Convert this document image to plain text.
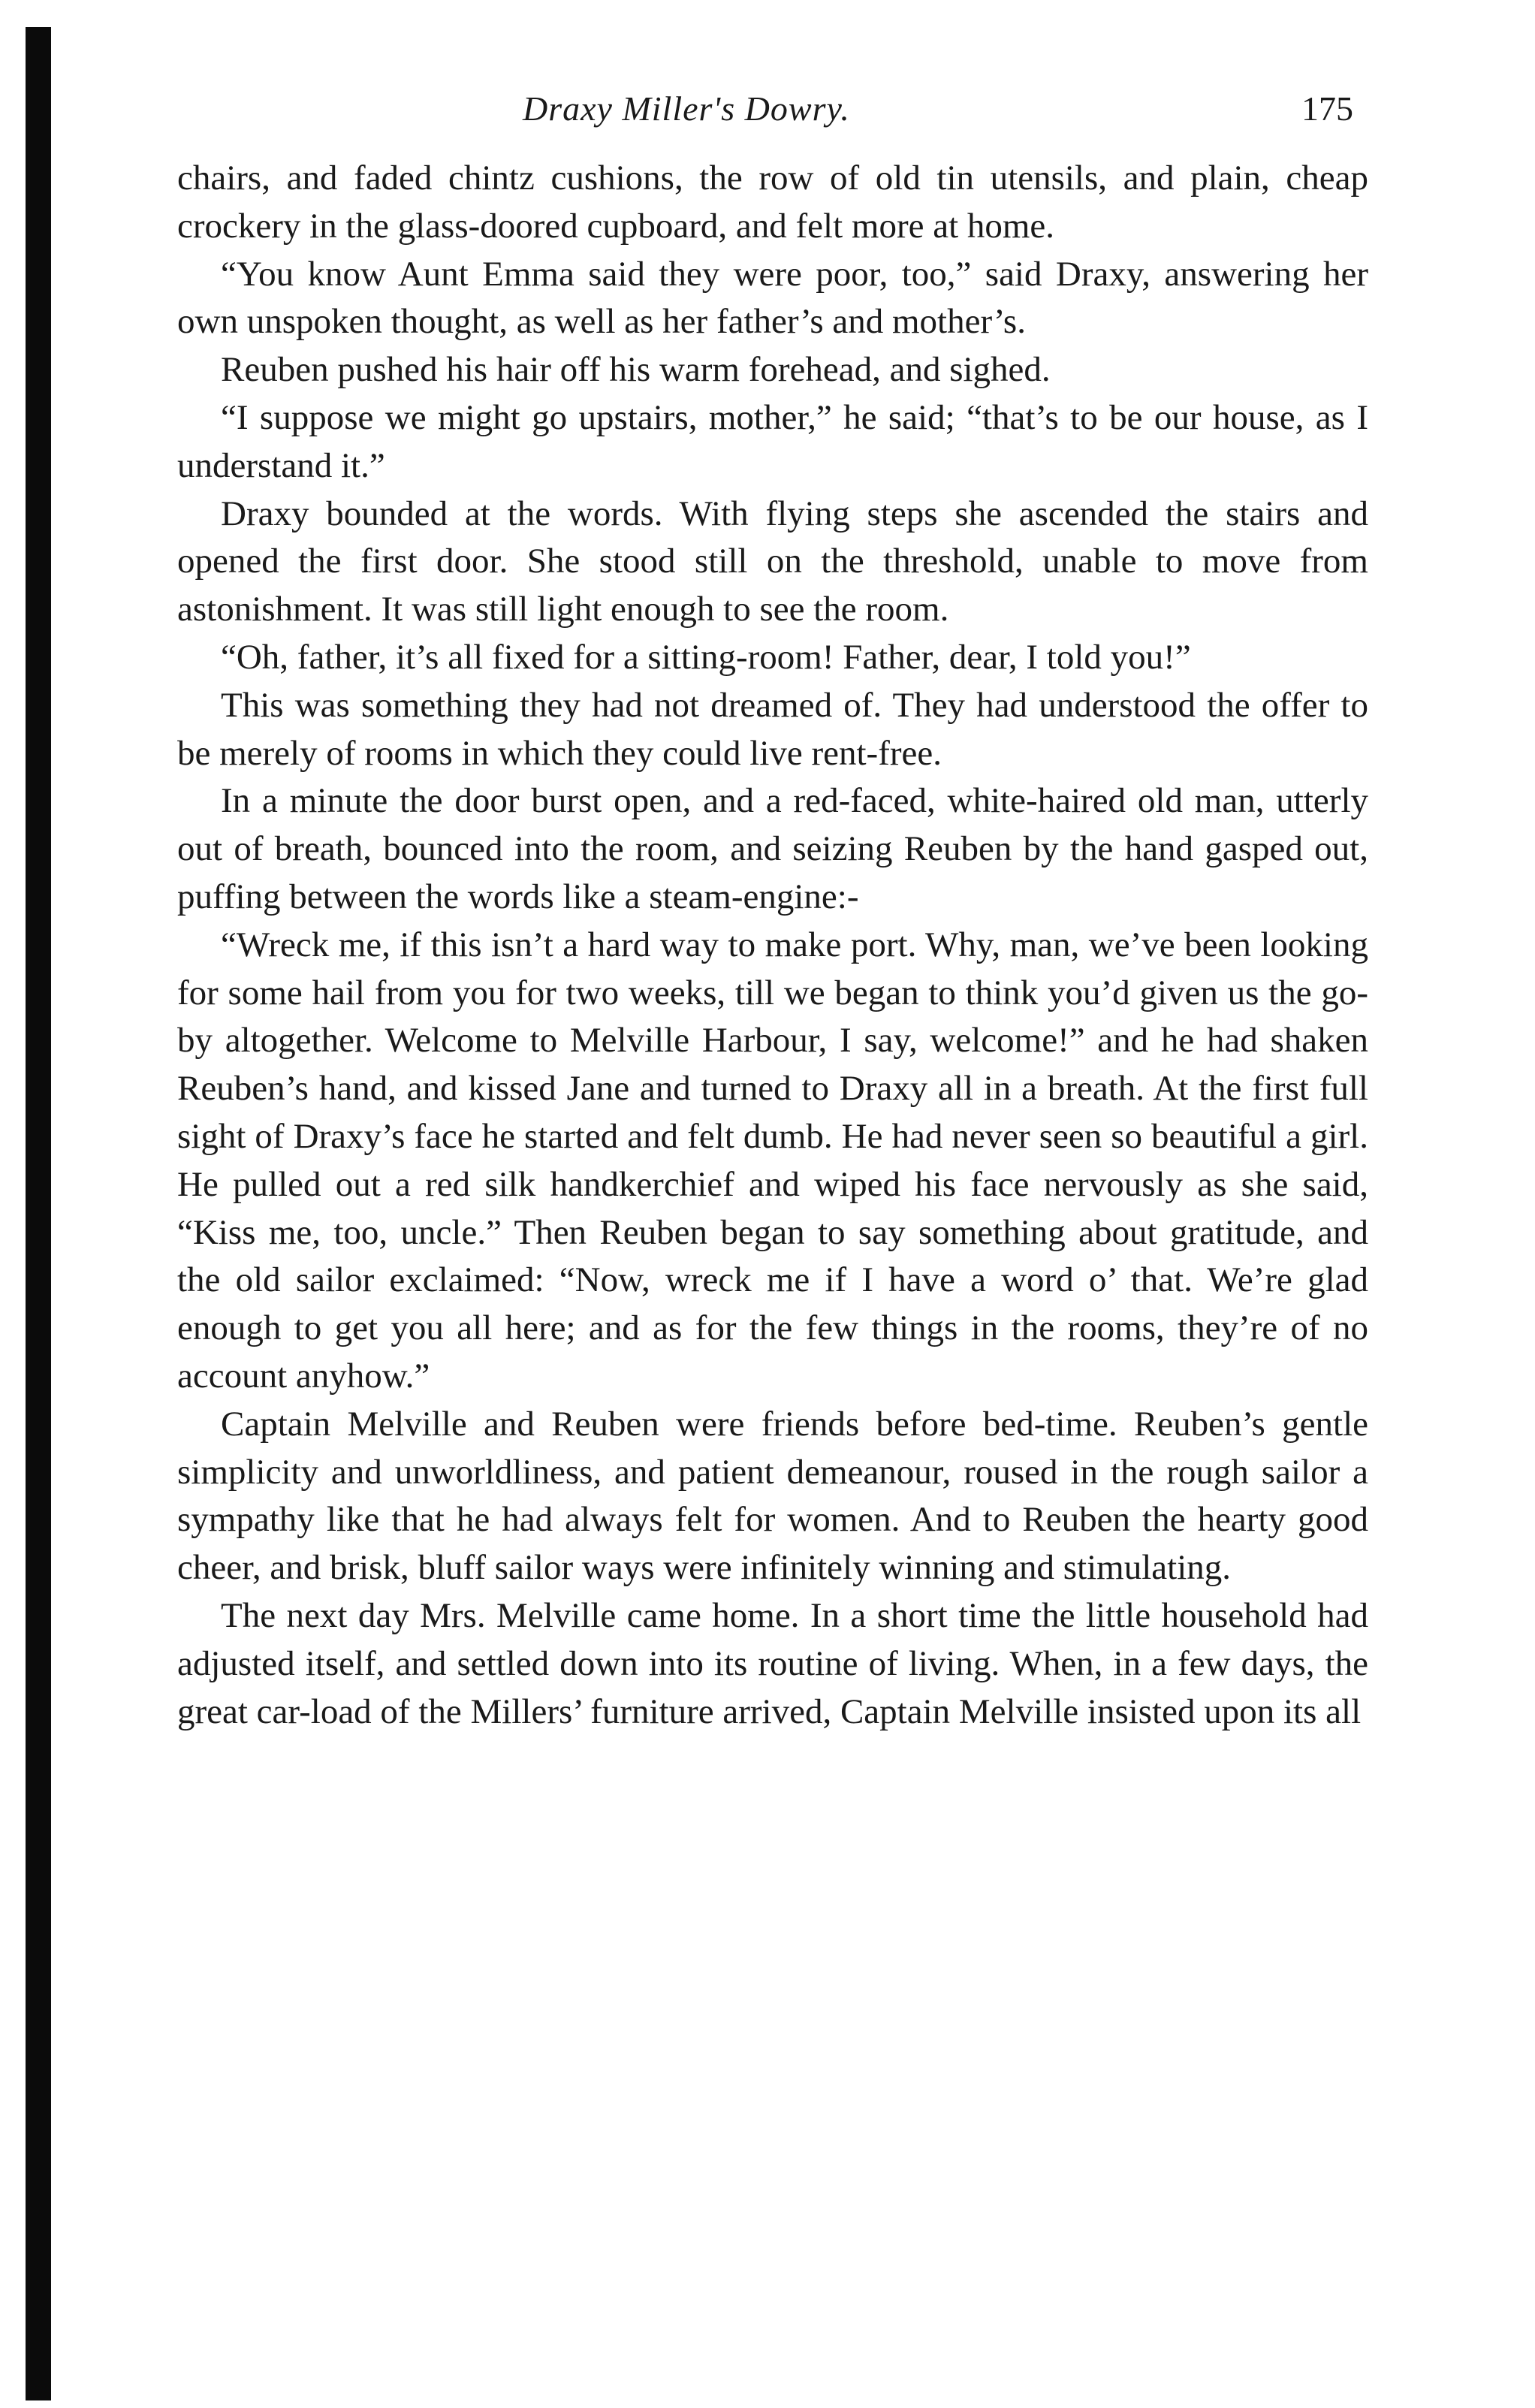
Draxy Miller's Dowry.	175

chairs, and faded chintz cushions, the row of old tin utensils, and plain, cheap crockery in the glass-doored cupboard, and felt more at home.

“You know Aunt Emma said they were poor, too,” said Draxy, answering her own unspoken thought, as well as her father’s and mother’s.

Reuben pushed his hair off his warm forehead, and sighed.

“I suppose we might go upstairs, mother,” he said; “that’s to be our house, as I understand it.”

Draxy bounded at the words. With flying steps she ascended the stairs and opened the first door. She stood still on the threshold, unable to move from astonishment. It was still light enough to see the room.

“Oh, father, it’s all fixed for a sitting-room! Father, dear, I told you!”

This was something they had not dreamed of. They had understood the offer to be merely of rooms in which they could live rent-free.

In a minute the door burst open, and a red-faced, white-haired old man, utterly out of breath, bounced into the room, and seizing Reuben by the hand gasped out, puffing between the words like a steam-engine:-

“Wreck me, if this isn’t a hard way to make port. Why, man, we’ve been looking for some hail from you for two weeks, till we began to think you’d given us the go-by altogether. Welcome to Melville Harbour, I say, welcome!” and he had shaken Reuben’s hand, and kissed Jane and turned to Draxy all in a breath. At the first full sight of Draxy’s face he started and felt dumb. He had never seen so beautiful a girl. He pulled out a red silk handkerchief and wiped his face nervously as she said, “Kiss me, too, uncle.” Then Reuben began to say something about gratitude, and the old sailor exclaimed: “Now, wreck me if I have a word o’ that. We’re glad enough to get you all here; and as for the few things in the rooms, they’re of no account anyhow.”

Captain Melville and Reuben were friends before bed-time. Reuben’s gentle simplicity and unworldliness, and patient demeanour, roused in the rough sailor a sympathy like that he had always felt for women. And to Reuben the hearty good cheer, and brisk, bluff sailor ways were infinitely winning and stimulating.

The next day Mrs. Melville came home. In a short time the little household had adjusted itself, and settled down into its routine of living. When, in a few days, the great car-load of the Millers’ furniture arrived, Captain Melville insisted upon its all
